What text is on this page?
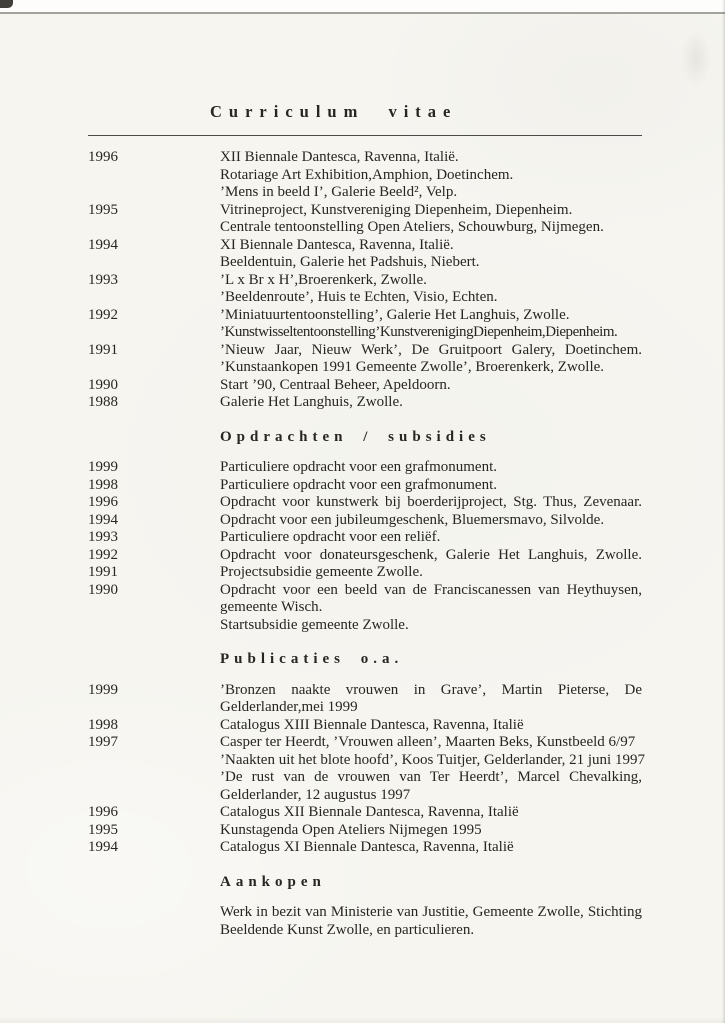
Curriculum vitae
1996	XII Biennale Dantesca, Ravenna, Italië.
Rotariage Art Exhibition,Amphion, Doetinchem.
’Mens in beeld I’, Galerie Beeld², Velp.
1995	Vitrineproject, Kunstvereniging Diepenheim, Diepenheim.
Centrale tentoonstelling Open Ateliers, Schouwburg, Nijmegen.
1994	XI Biennale Dantesca, Ravenna, Italië.
Beeldentuin, Galerie het Padshuis, Niebert.
1993	’L x Br x H’,Broerenkerk, Zwolle.
’Beeldenroute’, Huis te Echten, Visio, Echten.
1992	’Miniatuurtentoonstelling’, Galerie Het Langhuis, Zwolle.
’Kunstwisseltentoonstelling’KunstverenigingDiepenheim,Diepenheim.
1991	’Nieuw Jaar, Nieuw Werk’, De Gruitpoort Galery, Doetinchem.
’Kunstaankopen 1991 Gemeente Zwolle’, Broerenkerk, Zwolle.
1990	Start ’90, Centraal Beheer, Apeldoorn.
1988	Galerie Het Langhuis, Zwolle.
Opdrachten / subsidies
1999	Particuliere opdracht voor een grafmonument.
1998	Particuliere opdracht voor een grafmonument.
1996	Opdracht voor kunstwerk bij boerderijproject, Stg. Thus, Zevenaar.
1994	Opdracht voor een jubileumgeschenk, Bluemersmavo, Silvolde.
1993	Particuliere opdracht voor een reliëf.
1992	Opdracht voor donateursgeschenk, Galerie Het Langhuis, Zwolle.
1991	Projectsubsidie gemeente Zwolle.
1990	Opdracht voor een beeld van de Franciscanessen van Heythuysen,
gemeente Wisch.
Startsubsidie gemeente Zwolle.
Publicaties o.a.
1999	’Bronzen naakte vrouwen in Grave’, Martin Pieterse, De
Gelderlander,mei 1999
1998	Catalogus XIII Biennale Dantesca, Ravenna, Italië
1997	Casper ter Heerdt, ’Vrouwen alleen’, Maarten Beks, Kunstbeeld 6/97
’Naakten uit het blote hoofd’, Koos Tuitjer, Gelderlander, 21 juni 1997
’De rust van de vrouwen van Ter Heerdt’, Marcel Chevalking,
Gelderlander, 12 augustus 1997
1996	Catalogus XII Biennale Dantesca, Ravenna, Italië
1995	Kunstagenda Open Ateliers Nijmegen 1995
1994	Catalogus XI Biennale Dantesca, Ravenna, Italië
Aankopen
Werk in bezit van Ministerie van Justitie, Gemeente Zwolle, Stichting
Beeldende Kunst Zwolle, en particulieren.
